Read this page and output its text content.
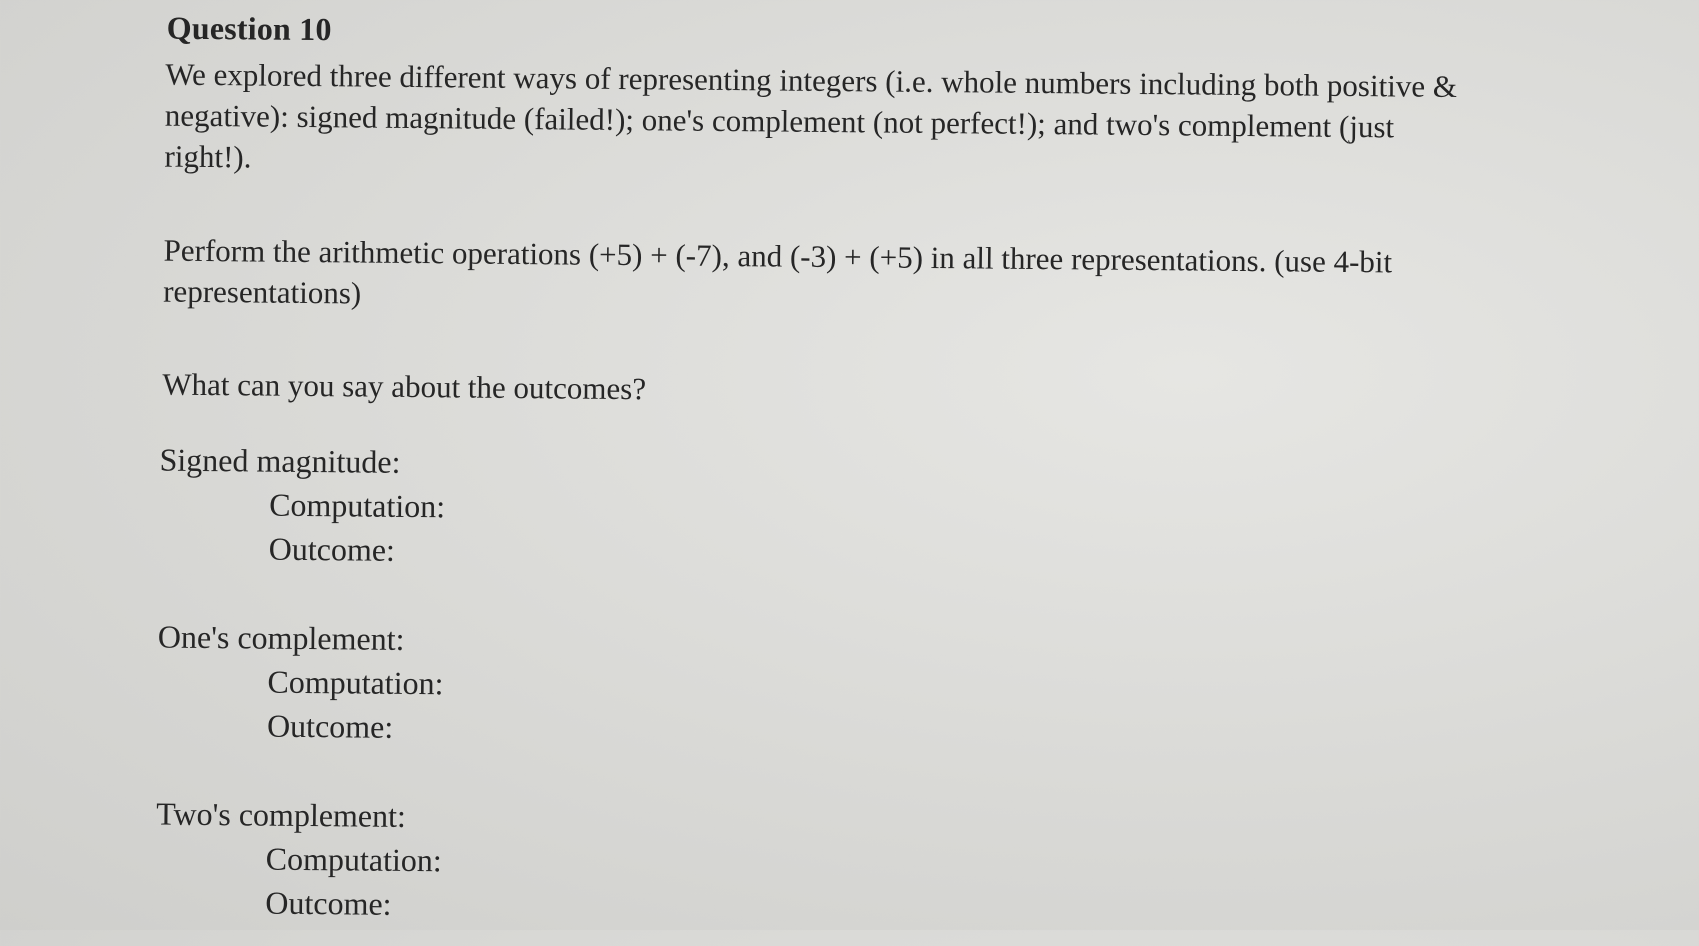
Question 10
We explored three different ways of representing integers (i.e. whole numbers including both positive &
negative): signed magnitude (failed!); one's complement (not perfect!); and two's complement (just
right!).
Perform the arithmetic operations (+5) + (-7), and (-3) + (+5) in all three representations. (use 4-bit
representations)
What can you say about the outcomes?
Signed magnitude:
Computation:
Outcome:
One's complement:
Computation:
Outcome:
Two's complement:
Computation:
Outcome:
